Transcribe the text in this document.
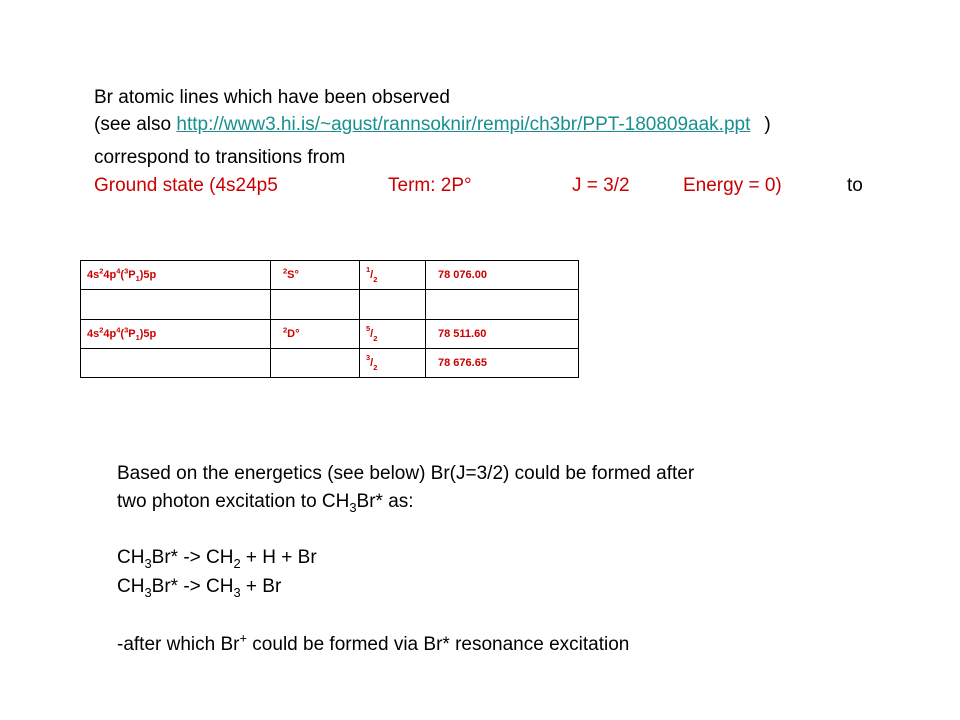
Br atomic lines which have been observed
(see also http://www3.hi.is/~agust/rannsoknir/rempi/ch3br/PPT-180809aak.ppt )
correspond to transitions from
Ground state (4s24p5	Term: 2P°	J = 3/2	Energy = 0)	to
$4s^24p^4(^3P_1)5p$	$^2$S°	$^1/_2$	78 076.00

$4s^24p^4(^3P_1)5p$	$^2$D°	$^5/_2$	78 511.60
		$^3/_2$	78 676.65
Based on the energetics (see below) Br(J=3/2) could be formed after
two photon excitation to $CH_3Br*$ as:
$CH_3Br* -> CH_2 + H + Br$
$CH_3Br* -> CH_3 + Br$
-after which Br+ could be formed via Br* resonance excitation
